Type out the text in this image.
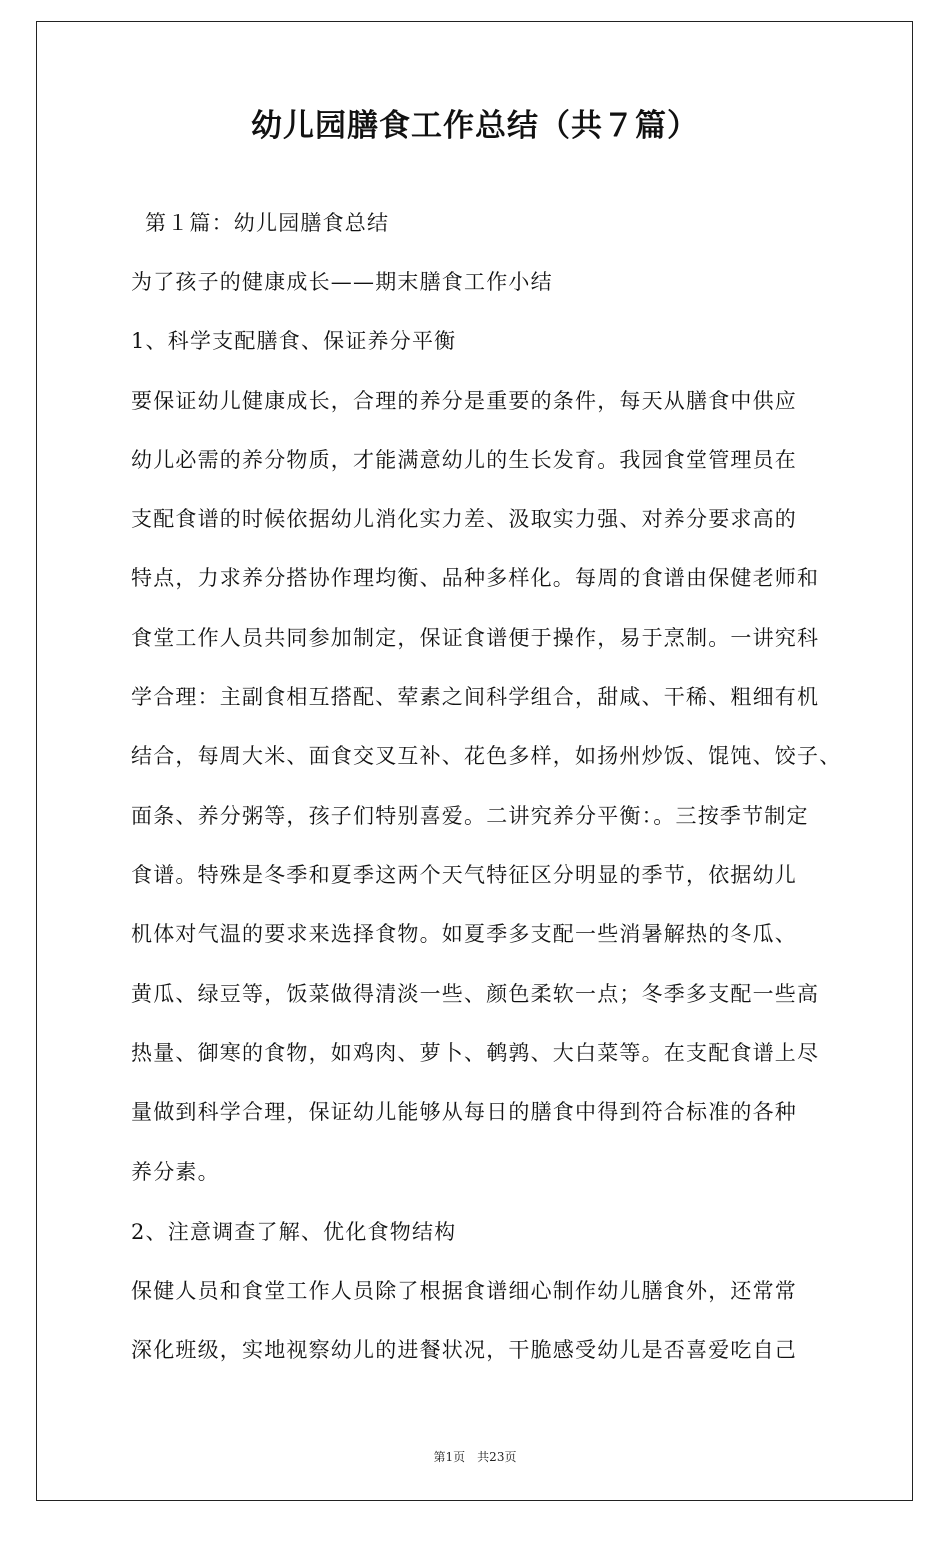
幼儿园膳食工作总结（共７篇）

第１篇：幼儿园膳食总结

为了孩子的健康成长——期末膳食工作小结

1、科学支配膳食、保证养分平衡

要保证幼儿健康成长，合理的养分是重要的条件，每天从膳食中供应

幼儿必需的养分物质，才能满意幼儿的生长发育。我园食堂管理员在

支配食谱的时候依据幼儿消化实力差、汲取实力强、对养分要求高的

特点，力求养分搭协作理均衡、品种多样化。每周的食谱由保健老师和

食堂工作人员共同参加制定，保证食谱便于操作，易于烹制。一讲究科

学合理：主副食相互搭配、荤素之间科学组合，甜咸、干稀、粗细有机

结合，每周大米、面食交叉互补、花色多样，如扬州炒饭、馄饨、饺子、

面条、养分粥等，孩子们特别喜爱。二讲究养分平衡：。三按季节制定

食谱。特殊是冬季和夏季这两个天气特征区分明显的季节，依据幼儿

机体对气温的要求来选择食物。如夏季多支配一些消暑解热的冬瓜、

黄瓜、绿豆等，饭菜做得清淡一些、颜色柔软一点；冬季多支配一些高

热量、御寒的食物，如鸡肉、萝卜、鹌鹑、大白菜等。在支配食谱上尽

量做到科学合理，保证幼儿能够从每日的膳食中得到符合标准的各种

养分素。

2、注意调查了解、优化食物结构

保健人员和食堂工作人员除了根据食谱细心制作幼儿膳食外，还常常

深化班级，实地视察幼儿的进餐状况，干脆感受幼儿是否喜爱吃自己

第1页　共23页
